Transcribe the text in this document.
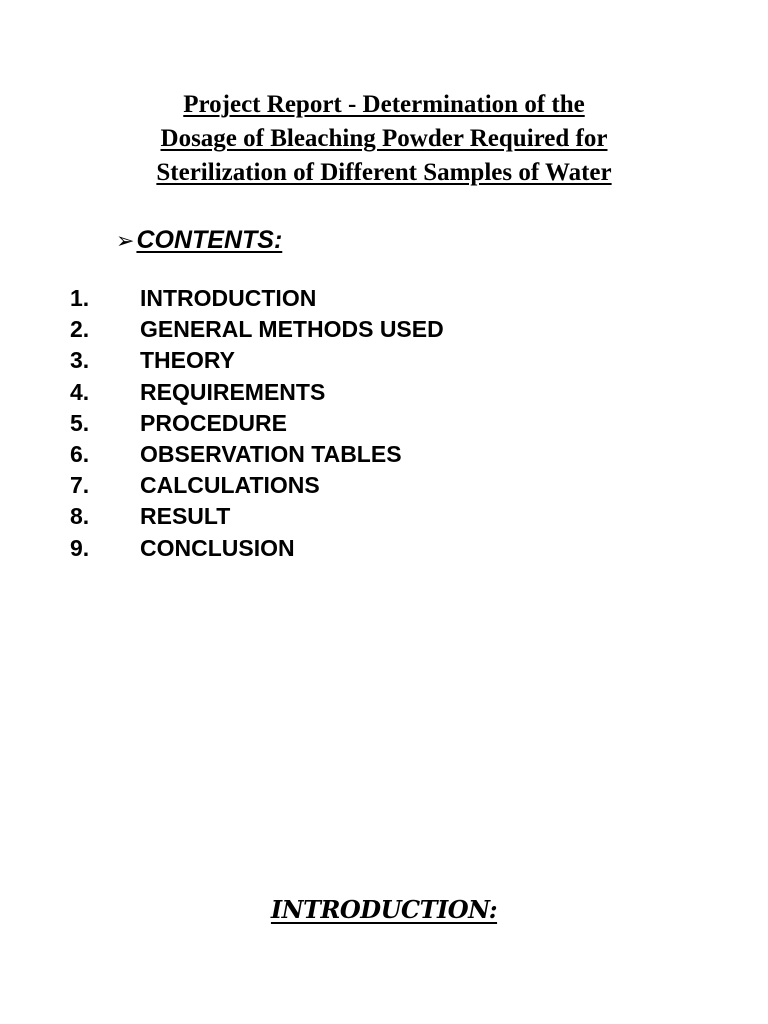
Project Report - Determination of the
Dosage of Bleaching Powder Required for
Sterilization of Different Samples of Water
➢CONTENTS:
1. INTRODUCTION
2. GENERAL METHODS USED
3. THEORY
4. REQUIREMENTS
5. PROCEDURE
6. OBSERVATION TABLES
7. CALCULATIONS
8. RESULT
9. CONCLUSION
INTRODUCTION:
